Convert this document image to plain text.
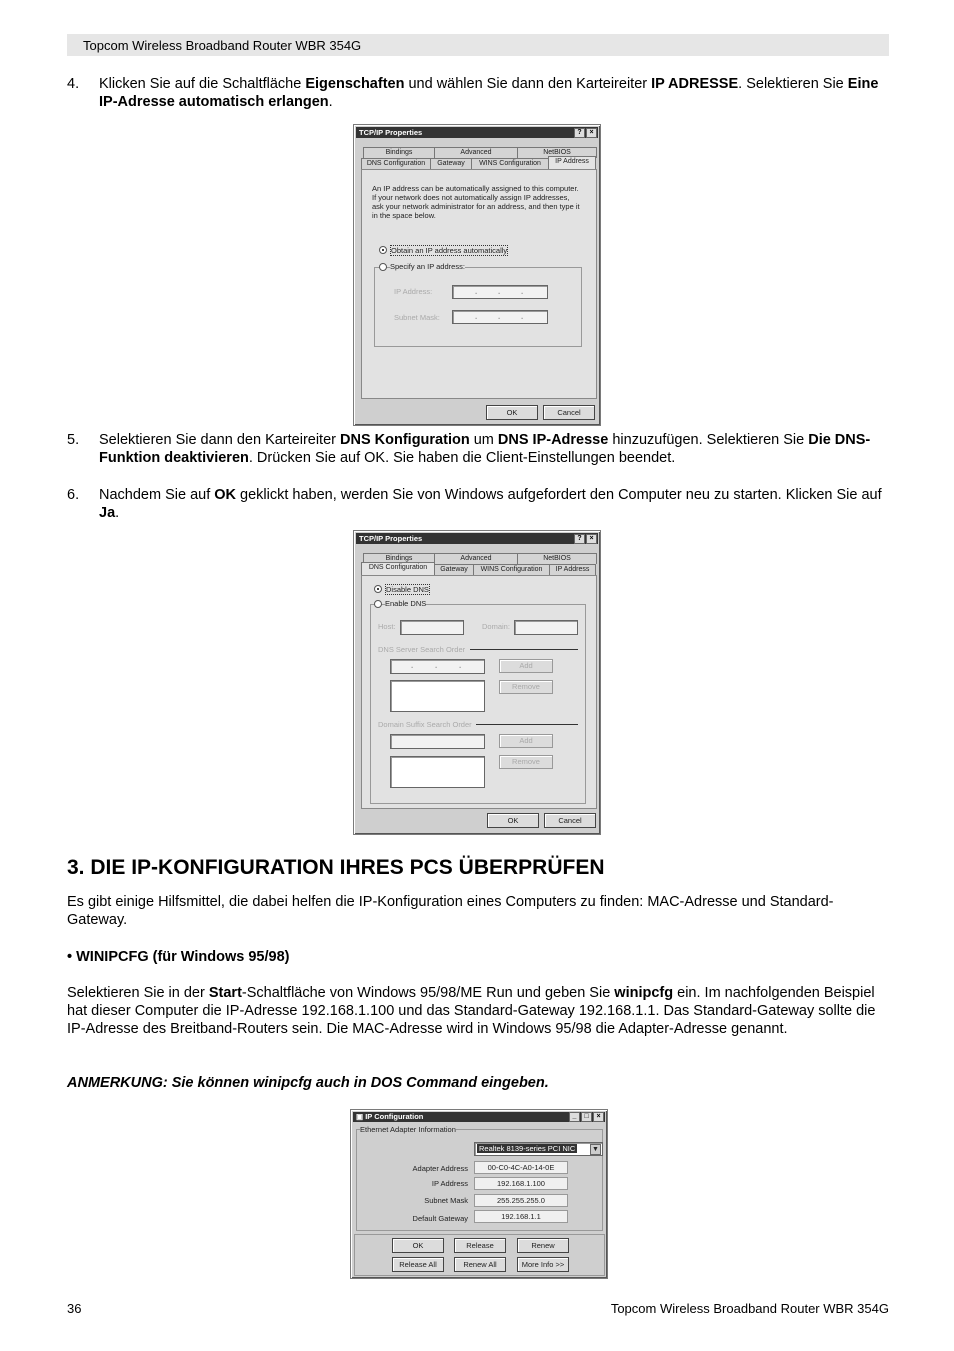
Topcom Wireless Broadband Router WBR 354G
4. Klicken Sie auf die Schaltfläche Eigenschaften und wählen Sie dann den Karteireiter IP ADRESSE. Selektieren Sie Eine IP-Adresse automatisch erlangen.
TCP/IP Properties	?	×
Bindings	Advanced	NetBIOS
DNS Configuration	Gateway	WINS Configuration	IP Address
An IP address can be automatically assigned to this computer. If your network does not automatically assign IP addresses, ask your network administrator for an address, and then type it in the space below.
Obtain an IP address automatically
Specify an IP address:
IP Address:	.	.	.
Subnet Mask:	.	.	.
OK	Cancel
5. Selektieren Sie dann den Karteireiter DNS Konfiguration um DNS IP-Adresse hinzuzufügen. Selektieren Sie Die DNS-Funktion deaktivieren. Drücken Sie auf OK. Sie haben die Client-Einstellungen beendet.
6. Nachdem Sie auf OK geklickt haben, werden Sie von Windows aufgefordert den Computer neu zu starten. Klicken Sie auf Ja.
TCP/IP Properties	?	×
Bindings	Advanced	NetBIOS
DNS Configuration	Gateway	WINS Configuration	IP Address
Disable DNS
Enable DNS
Host:	Domain:
DNS Server Search Order
.	.	.	Add
Remove
Domain Suffix Search Order
Add
Remove
OK	Cancel
3. DIE IP-KONFIGURATION IHRES PCS ÜBERPRÜFEN
Es gibt einige Hilfsmittel, die dabei helfen die IP-Konfiguration eines Computers zu finden: MAC-Adresse und Standard-Gateway.
• WINIPCFG (für Windows 95/98)
Selektieren Sie in der Start-Schaltfläche von Windows 95/98/ME Run und geben Sie winipcfg ein. Im nachfolgenden Beispiel hat dieser Computer die IP-Adresse 192.168.1.100 und das Standard-Gateway 192.168.1.1. Das Standard-Gateway sollte die IP-Adresse des Breitband-Routers sein. Die MAC-Adresse wird in Windows 95/98 die Adapter-Adresse genannt.
ANMERKUNG: Sie können winipcfg auch in DOS Command eingeben.
▣ IP Configuration	_	□	×
Ethernet Adapter Information
Realtek 8139-series PCI NIC ▼
Adapter Address	00-C0-4C-A0-14-0E
IP Address	192.168.1.100
Subnet Mask	255.255.255.0
Default Gateway	192.168.1.1
OK	Release	Renew
Release All	Renew All	More Info >>
36	Topcom Wireless Broadband Router WBR 354G
